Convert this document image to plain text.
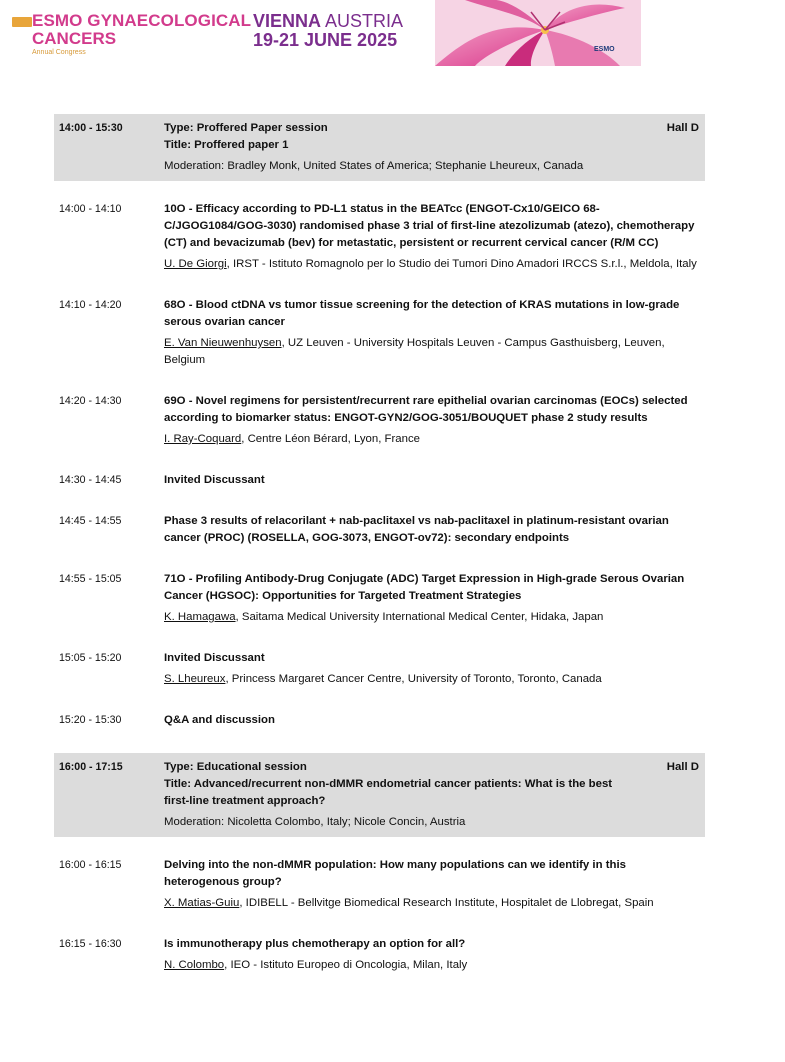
ESMO GYNAECOLOGICAL
CANCERS
Annual Congress
VIENNA AUSTRIA
19-21 JUNE 2025	ESMO
14:00 - 15:30	Type: Proffered Paper session	Hall D
Title: Proffered paper 1
Moderation: Bradley Monk, United States of America; Stephanie Lheureux, Canada
14:00 - 14:10	10O - Efficacy according to PD-L1 status in the BEATcc (ENGOT-Cx10/GEICO 68-C/JGOG1084/GOG-3030) randomised phase 3 trial of first-line atezolizumab (atezo), chemotherapy (CT) and bevacizumab (bev) for metastatic, persistent or recurrent cervical cancer (R/M CC)
U. De Giorgi, IRST - Istituto Romagnolo per lo Studio dei Tumori Dino Amadori IRCCS S.r.l., Meldola, Italy
14:10 - 14:20	68O - Blood ctDNA vs tumor tissue screening for the detection of KRAS mutations in low-grade serous ovarian cancer
E. Van Nieuwenhuysen, UZ Leuven - University Hospitals Leuven - Campus Gasthuisberg, Leuven, Belgium
14:20 - 14:30	69O - Novel regimens for persistent/recurrent rare epithelial ovarian carcinomas (EOCs) selected according to biomarker status: ENGOT-GYN2/GOG-3051/BOUQUET phase 2 study results
I. Ray-Coquard, Centre Léon Bérard, Lyon, France
14:30 - 14:45	Invited Discussant
14:45 - 14:55	Phase 3 results of relacorilant + nab-paclitaxel vs nab-paclitaxel in platinum-resistant ovarian cancer (PROC) (ROSELLA, GOG-3073, ENGOT-ov72): secondary endpoints
14:55 - 15:05	71O - Profiling Antibody-Drug Conjugate (ADC) Target Expression in High-grade Serous Ovarian Cancer (HGSOC): Opportunities for Targeted Treatment Strategies
K. Hamagawa, Saitama Medical University International Medical Center, Hidaka, Japan
15:05 - 15:20	Invited Discussant
S. Lheureux, Princess Margaret Cancer Centre, University of Toronto, Toronto, Canada
15:20 - 15:30	Q&A and discussion
16:00 - 17:15	Type: Educational session	Hall D
Title: Advanced/recurrent non-dMMR endometrial cancer patients: What is the best first-line treatment approach?
Moderation: Nicoletta Colombo, Italy; Nicole Concin, Austria
16:00 - 16:15	Delving into the non-dMMR population: How many populations can we identify in this heterogenous group?
X. Matias-Guiu, IDIBELL - Bellvitge Biomedical Research Institute, Hospitalet de Llobregat, Spain
16:15 - 16:30	Is immunotherapy plus chemotherapy an option for all?
N. Colombo, IEO - Istituto Europeo di Oncologia, Milan, Italy
